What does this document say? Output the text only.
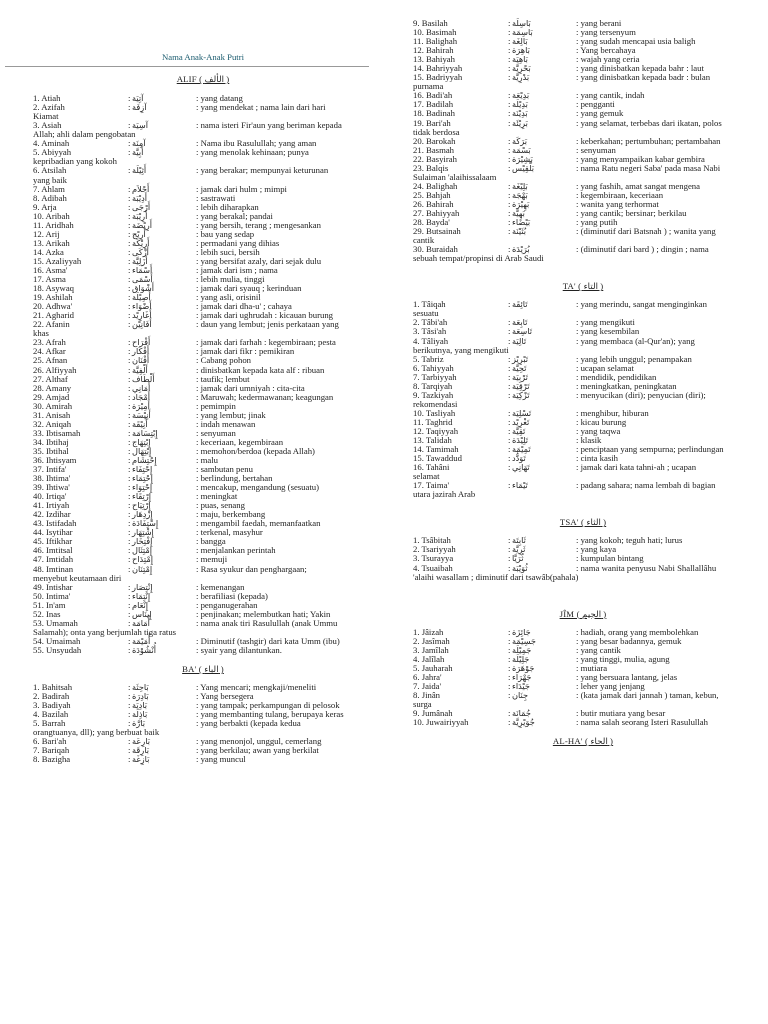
Nama Anak-Anak Putri
ALIF ( الألف )
1. Atiah	: آتِيَة	: yang datang
2. Azifah	: آزِفَة	: yang mendekat ; nama lain dari hari
Kiamat
3. Asiah	: آسِيَة	: nama isteri Fir'aun yang beriman kepada
Allah; ahli dalam pengobatan
4. Aminah	: آمِنَة	: Nama ibu Rasulullah; yang aman
5. Abiyyah	: أَبِيَّة	: yang menolak kehinaan; punya
kepribadian yang kokoh
6. Atsilah	: أَثِيْلَة	: yang berakar; mempunyai keturunan
yang baik
7. Ahlam	: أَحْلاَم	: jamak dari hulm ; mimpi
8. Adibah	: أَدِيْبَة	: sastrawati
9. Arja	: أَرْجَى	: lebih diharapkan
10. Aribah	: أَرِيْبَة	: yang berakal; pandai
11. Aridhah	: أَرِيْضَة	: yang bersih, terang ; mengesankan
12. Arij	: أَرِيْج	: bau yang sedap
13. Arikah	: أَرِيْكَة	: permadani yang dihias
14. Azka	: أَزْكَى	: lebih suci, bersih
15. Azaliyyah	: أَزَلِيَّة	: yang bersifat azaly, dari sejak dulu
16. Asma'	: أَسْمَاء	: jamak dari ism ; nama
17. Asma	: أَسْمَى	: lebih mulia, tinggi
18. Asywaq	: أَشْوَاق	: jamak dari syauq ; kerinduan
19. Ashilah	: أَصِيْلَة	: yang asli, orisinil
20. Adhwa'	: أَضْوَاء	: jamak dari dha-u' ; cahaya
21. Agharid	: أَغَارِيْد	: jamak dari ughrudah : kicauan burung
22. Afanin	: أَفَانِيْن	: daun yang lembut; jenis perkataan yang
khas
23. Afrah	: أَفْرَاح	: jamak dari farhah : kegembiraan; pesta
24. Afkar	: أَفْكَار	: jamak dari fikr : pemikiran
25. Afnan	: أَفْنَان	: Cabang pohon
26. Alfiyyah	: أَلْفِيَّة	: dinisbatkan kepada kata alf : ribuan
27. Althaf	: أَلْطَاف	: taufik; lembut
28. Amany	: أَمَانِي	: jamak dari umniyah : cita-cita
29. Amjad	: أَمْجَاد	: Maruwah; kedermawanan; keagungan
30. Amirah	: أَمِيْرَة	: pemimpin
31. Anisah	: أَنِيْسَة	: yang lembut; jinak
32. Aniqah	: أَنِيْقَة	: indah menawan
33. Ibtisamah	: إِبْتِسَامَة	: senyuman
34. Ibtihaj	: إِبْتِهَاج	: keceriaan, kegembiraan
35. Ibtihal	: إِبْتِهَال	: memohon/berdoa (kepada Allah)
36. Ihtisyam	: إِحْتِشَام	: malu
37. Intifa'	: إِحْتِفَاء	: sambutan penu
38. Ihtima'	: إِحْتِمَاء	: berlindung, bertahan
39. Ihtiwa'	: إِحْتِوَاء	: mencakup, mengandung (sesuatu)
40. Irtiqa'	: إِرْتِقَاء	: meningkat
41. Irtiyah	: إِرْتِيَاح	: puas, senang
42. Izdihar	: إِزْدِهَار	: maju, berkembang
43. Istifadah	: إِسْتِفَادَة	: mengambil faedah, memanfaatkan
44. Isytihar	: إِشْتِهَار	: terkenal, masyhur
45. Iftikhar	: إِفْتِخَار	: bangga
46. Imtitsal	: إِمْتِثَال	: menjalankan perintah
47. Imtidah	: إِمْتِدَاح	: memuji
48. Imtinan	: إِمْتِنَان	: Rasa syukur dan penghargaan;
menyebut keutamaan diri
49. Intishar	: إِنْتِصَار	: kemenangan
50. Intima'	: إِنْتِمَاء	: berafiliasi (kepada)
51. In'am	: إِنْعَام	: penganugerahan
52. Inas	: إِينَاس	: penjinakan; melembutkan hati; Yakin
53. Umamah	: أُمَامَة	: nama anak tiri Rasulullah (anak Ummu
Salamah); onta yang berjumlah tiga ratus
54. Umaimah	: أُمَيْمَة	: Diminutif (tashgir) dari kata Umm (ibu)
55. Unsyudah	: أُنْشُوْدَة	: syair yang dilantunkan.
BA' ( الباء )
1. Bahitsah	: بَاحِثَة	: Yang mencari; mengkaji/meneliti
2. Badirah	: بَادِرَة	: Yang bersegera
3. Badiyah	: بَادِيَة	: yang tampak; perkampungan di pelosok
4. Bazilah	: بَاذِلَة	: yang membanting tulang, berupaya keras
5. Barrah	: بَارَّة	: yang berbakti (kepada kedua
orangtuanya, dll); yang berbuat baik
6. Bari'ah	: بَارِعَة	: yang menonjol, unggul, cemerlang
7. Bariqah	: بَارِقَة	: yang berkilau; awan yang berkilat
8. Bazigha	: بَازِغَة	: yang muncul
9. Basilah	: بَاسِلَة	: yang berani
10. Basimah	: بَاسِمَة	: yang tersenyum
11. Balighah	: بَالِغَة	: yang sudah mencapai usia baligh
12. Bahirah	: بَاهِرَة	: Yang bercahaya
13. Bahiyah	: بَاهِيَة	: wajah yang ceria
14. Bahriyyah	: بَحْرِيَّة	: yang dinisbatkan kepada bahr : laut
15. Badriyyah	: بَدْرِيَّة	: yang dinisbatkan kepada badr : bulan
purnama
16. Badi'ah	: بَدِيْعَة	: yang cantik, indah
17. Badilah	: بَدِيْلَة	: pengganti
18. Badinah	: بَدِيْنَة	: yang gemuk
19. Bari'ah	: بَرِيْئَة	: yang selamat, terbebas dari ikatan, polos
tidak berdosa
20. Barokah	: بَرَكَة	: keberkahan; pertumbuhan; pertambahan
21. Basmah	: بَسْمَة	: senyuman
22. Basyirah	: بَشِيْرَة	: yang menyampaikan kabar gembira
23. Balqis	: بَلْقِيْس	: nama Ratu negeri Saba' pada masa Nabi
Sulaiman 'alaihissalaam
24. Balighah	: بَلِيْغَة	: yang fashih, amat sangat mengena
25. Bahjah	: بَهْجَة	: kegembiraan, keceriaan
26. Bahirah	: بَهِيْرَة	: wanita yang terhormat
27. Bahiyyah	: بَهِيَّة	: yang cantik; bersinar; berkilau
28. Bayda'	: بَيْضَاء	: yang putih
29. Butsainah	: بُثَيْنَة	: (diminutif dari Batsnah ) ; wanita yang
cantik
30. Buraidah	: بُرَيْدَة	: (diminutif dari bard ) ; dingin ; nama
sebuah tempat/propinsi di Arab Saudi
TA' ( التاء )
1. Tâiqah	: تَائِقَة	: yang merindu, sangat menginginkan
sesuatu
2. Tâbi'ah	: تَابِعَة	: yang mengikuti
3. Tâsi'ah	: تَاسِعَة	: yang kesembilan
4. Tâliyah	: تَالِيَة	: yang membaca (al-Qur'an); yang
berikutnya, yang mengikuti
5. Tabriz	: تَبْرِيْز	: yang lebih unggul; penampakan
6. Tahiyyah	: تَحِيَّة	: ucapan selamat
7. Tarbiyyah	: تَرْبِيَة	: mendidik, pendidikan
8. Tarqiyah	: تَرْقِيَة	: meningkatkan, peningkatan
9. Tazkiyah	: تَزْكِيَة	: menyucikan (diri); penyucian (diri);
rekomendasi
10. Tasliyah	: تَسْلِيَة	: menghibur, hiburan
11. Taghrid	: تَغْرِيْد	: kicau burung
12. Taqiyyah	: تَقِيَّة	: yang taqwa
13. Talidah	: تَلِيْدَة	: klasik
14. Tamimah	: تَمِيْمَة	: penciptaan yang sempurna; perlindungan
15. Tawaddud	: تَوَدُّد	: cinta kasih
16. Tahâni	: تَهَانِي	: jamak dari kata tahni-ah ; ucapan
selamat
17. Taima'	: تَيْمَاء	: padang sahara; nama lembah di bagian
utara jazirah Arab
TSA' ( الثاء )
1. Tsâbitah	: ثَابِتَة	: yang kokoh; teguh hati; lurus
2. Tsariyyah	: ثَرِيَّة	: yang kaya
3. Tsurayya	: ثُرَيَّا	: kumpulan bintang
4. Tsuaibah	: ثُوَيْبَة	: nama wanita penyusu Nabi Shallallâhu
'alaihi wasallam ; diminutif dari tsawâb(pahala)
JÎM ( الجيم )
1. Jâizah	: جَائِزَة	: hadiah, orang yang membolehkan
2. Jasîmah	: جَسِيْمَة	: yang besar badannya, gemuk
3. Jamîlah	: جَمِيْلَة	: yang cantik
4. Jalîlah	: جَلِيْلَة	: yang tinggi, mulia, agung
5. Jauharah	: جَوْهَرَة	: mutiara
6. Jahra'	: جَهْرَاء	: yang bersuara lantang, jelas
7. Jaida'	: جَيْدَاء	: leher yang jenjang
8. Jinân	: جِنَان	: (kata jamak dari jannah ) taman, kebun,
surga
9. Jumânah	: جُمَانَة	: butir mutiara yang besar
10. Juwairiyyah	: جُوَيْرِيَّة	: nama salah seorang Isteri Rasulullah
AL-HA' ( الحاء )
